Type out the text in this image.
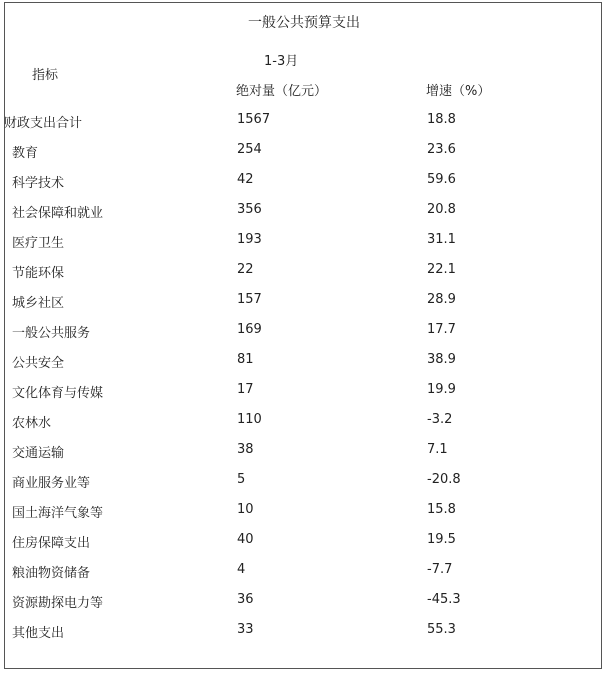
一般公共预算支出
1-3月
指标
绝对量（亿元）	增速（%）
财政支出合计	1567	18.8
教育	254	23.6
科学技术	42	59.6
社会保障和就业	356	20.8
医疗卫生	193	31.1
节能环保	22	22.1
城乡社区	157	28.9
一般公共服务	169	17.7
公共安全	81	38.9
文化体育与传媒	17	19.9
农林水	110	-3.2
交通运输	38	7.1
商业服务业等	5	-20.8
国土海洋气象等	10	15.8
住房保障支出	40	19.5
粮油物资储备	4	-7.7
资源勘探电力等	36	-45.3
其他支出	33	55.3
